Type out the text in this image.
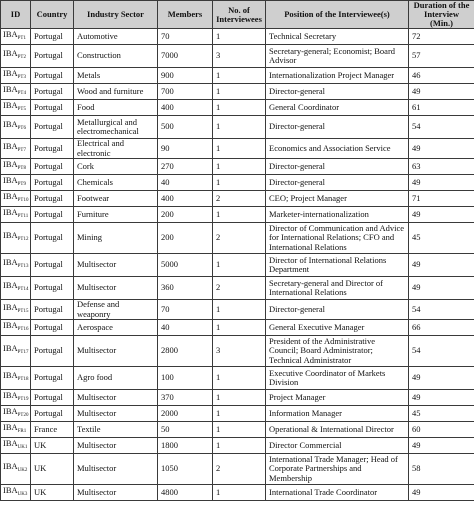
ID	Country	Industry Sector	Members	No. of Interviewees	Position of the Interviewee(s)	Duration of the Interview (Min.)
$IBA_{PT1}$	Portugal	Automotive	70	1	Technical Secretary	72
$IBA_{PT2}$	Portugal	Construction	7000	3	Secretary-general; Economist; Board Advisor	57
$IBA_{PT3}$	Portugal	Metals	900	1	Internationalization Project Manager	46
$IBA_{PT4}$	Portugal	Wood and furniture	700	1	Director-general	49
$IBA_{PT5}$	Portugal	Food	400	1	General Coordinator	61
$IBA_{PT6}$	Portugal	Metallurgical and electromechanical	500	1	Director-general	54
$IBA_{PT7}$	Portugal	Electrical and electronic	90	1	Economics and Association Service	49
$IBA_{PT8}$	Portugal	Cork	270	1	Director-general	63
$IBA_{PT9}$	Portugal	Chemicals	40	1	Director-general	49
$IBA_{PT10}$	Portugal	Footwear	400	2	CEO; Project Manager	71
$IBA_{PT11}$	Portugal	Furniture	200	1	Marketer-internationalization	49
$IBA_{PT12}$	Portugal	Mining	200	2	Director of Communication and Advice for International Relations; CFO and International Relations	45
$IBA_{PT13}$	Portugal	Multisector	5000	1	Director of International Relations Department	49
$IBA_{PT14}$	Portugal	Multisector	360	2	Secretary-general and Director of International Relations	49
$IBA_{PT15}$	Portugal	Defense and weaponry	70	1	Director-general	54
$IBA_{PT16}$	Portugal	Aerospace	40	1	General Executive Manager	66
$IBA_{PT17}$	Portugal	Multisector	2800	3	President of the Administrative Council; Board Administrator; Technical Administrator	54
$IBA_{PT18}$	Portugal	Agro food	100	1	Executive Coordinator of Markets Division	49
$IBA_{PT19}$	Portugal	Multisector	370	1	Project Manager	49
$IBA_{PT20}$	Portugal	Multisector	2000	1	Information Manager	45
$IBA_{FR1}$	France	Textile	50	1	Operational & International Director	60
$IBA_{UK1}$	UK	Multisector	1800	1	Director Commercial	49
$IBA_{UK2}$	UK	Multisector	1050	2	International Trade Manager; Head of Corporate Partnerships and Membership	58
$IBA_{UK3}$	UK	Multisector	4800	1	International Trade Coordinator	49
